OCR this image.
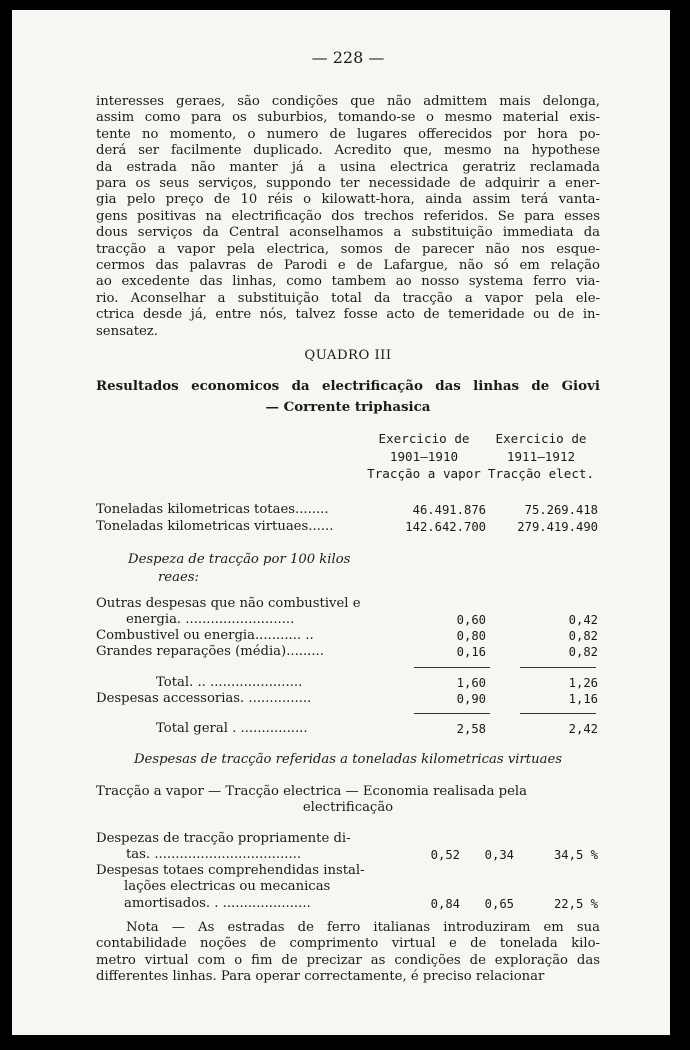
— 228 —
interesses geraes, são condições que não admittem mais delonga,
assim como para os suburbios, tomando-se o mesmo material exis-
tente no momento, o numero de lugares offerecidos por hora po-
derá ser facilmente duplicado. Acredito que, mesmo na hypothese
da estrada não manter já a usina electrica geratriz reclamada
para os seus serviços, suppondo ter necessidade de adquirir a ener-
gia pelo preço de 10 réis o kilowatt-hora, ainda assim terá vanta-
gens positivas na electrificação dos trechos referidos. Se para esses
dous serviços da Central aconselhamos a substituição immediata da
tracção a vapor pela electrica, somos de parecer não nos esque-
cermos das palavras de Parodi e de Lafargue, não só em relação
ao excedente das linhas, como tambem ao nosso systema ferro via-
rio. Aconselhar a substituição total da tracção a vapor pela ele-
ctrica desde já, entre nós, talvez fosse acto de temeridade ou de in-
sensatez.
QUADRO III
Resultados economicos da electrificação das linhas de Giovi
— Corrente triphasica
Exercicio de
1901—1910
Tracção a vapor
Exercicio de
1911—1912
Tracção elect.
Toneladas kilometricas totaes........	46.491.876	75.269.418
Toneladas kilometricas virtuaes......	142.642.700	279.419.490
Despeza de tracção por 100 kilos
reaes:
Outras despesas que não combustivel e
energia. ..........................	0,60	0,42
Combustivel ou energia........... ..	0,80	0,82
Grandes reparações (média).........	0,16	0,82
Total. .. ......................	1,60	1,26
Despesas accessorias. ...............	0,90	1,16
Total geral . ................	2,58	2,42
Despesas de tracção referidas a toneladas kilometricas virtuaes
Tracção a vapor — Tracção electrica — Economia realisada pela
electrificação
Despezas de tracção propriamente di-
tas. ...................................	0,52 0,34	34,5 %
Despesas totaes comprehendidas instal-
lações electricas ou mecanicas
amortisados. . .....................	0,84 0,65	22,5 %
Nota — As estradas de ferro italianas introduziram em sua
contabilidade noções de comprimento virtual e de tonelada kilo-
metro virtual com o fim de precizar as condições de exploração das
differentes linhas. Para operar correctamente, é preciso relacionar
